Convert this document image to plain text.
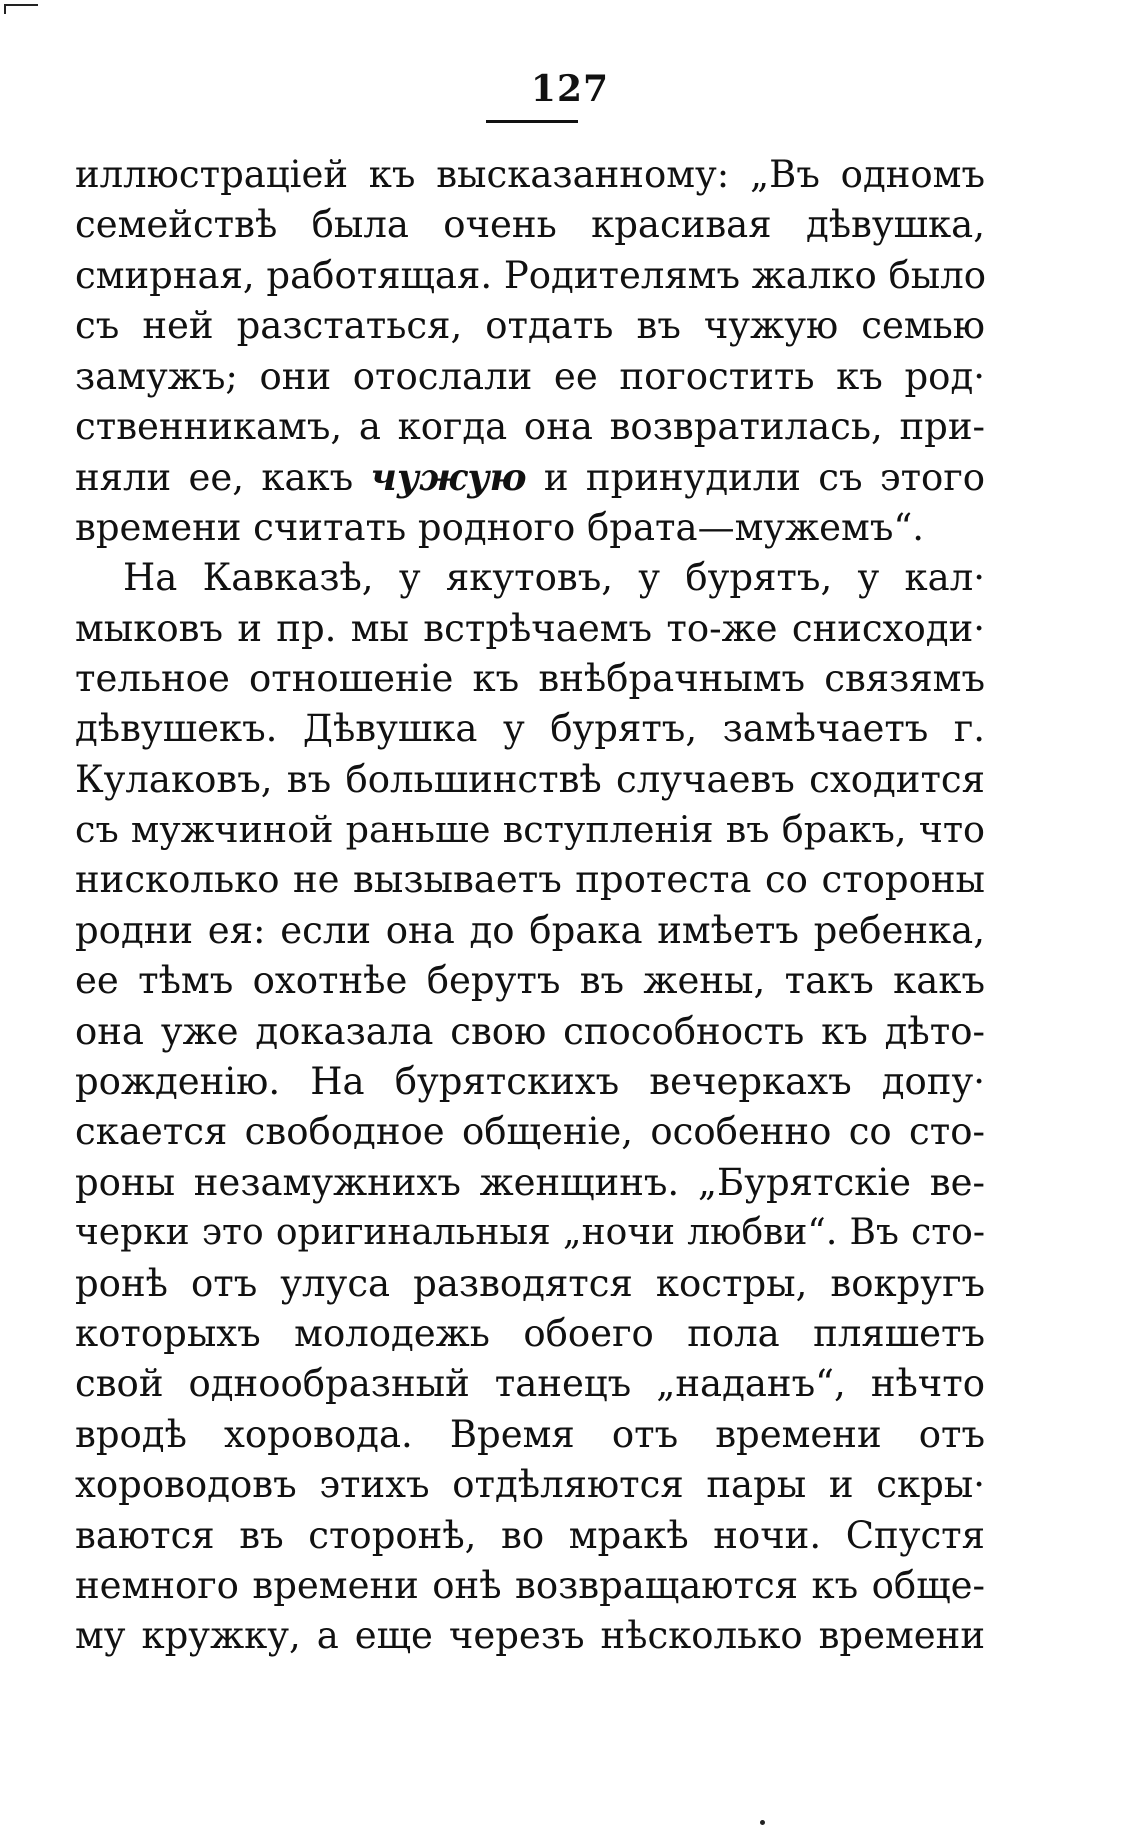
127
иллюстраціей къ высказанному: „Въ одномъ
семействѣ была очень красивая дѣвушка,
смирная, работящая. Родителямъ жалко было
съ ней разстаться, отдать въ чужую семью
замужъ; они отослали ее погостить къ род·
ственникамъ, а когда она возвратилась, при-
няли ее, какъ чужую и принудили съ этого
времени считать родного брата—мужемъ“.
На Кавказѣ, у якутовъ, у бурятъ, у кал·
мыковъ и пр. мы встрѣчаемъ то-же снисходи·
тельное отношеніе къ внѣбрачнымъ связямъ
дѣвушекъ. Дѣвушка у бурятъ, замѣчаетъ г.
Кулаковъ, въ большинствѣ случаевъ сходится
съ мужчиной раньше вступленія въ бракъ, что
нисколько не вызываетъ протеста со стороны
родни ея: если она до брака имѣетъ ребенка,
ее тѣмъ охотнѣе берутъ въ жены, такъ какъ
она уже доказала свою способность къ дѣто-
рожденію. На бурятскихъ вечеркахъ допу·
скается свободное общеніе, особенно со сто-
роны незамужнихъ женщинъ. „Бурятскіе ве-
черки это оригинальныя „ночи любви“. Въ сто-
ронѣ отъ улуса разводятся костры, вокругъ
которыхъ молодежь обоего пола пляшетъ
свой однообразный танецъ „наданъ“, нѣчто
вродѣ хоровода. Время отъ времени отъ
хороводовъ этихъ отдѣляются пары и скры·
ваются въ сторонѣ, во мракѣ ночи. Спустя
немного времени онѣ возвращаются къ обще-
му кружку, а еще черезъ нѣсколько времени
